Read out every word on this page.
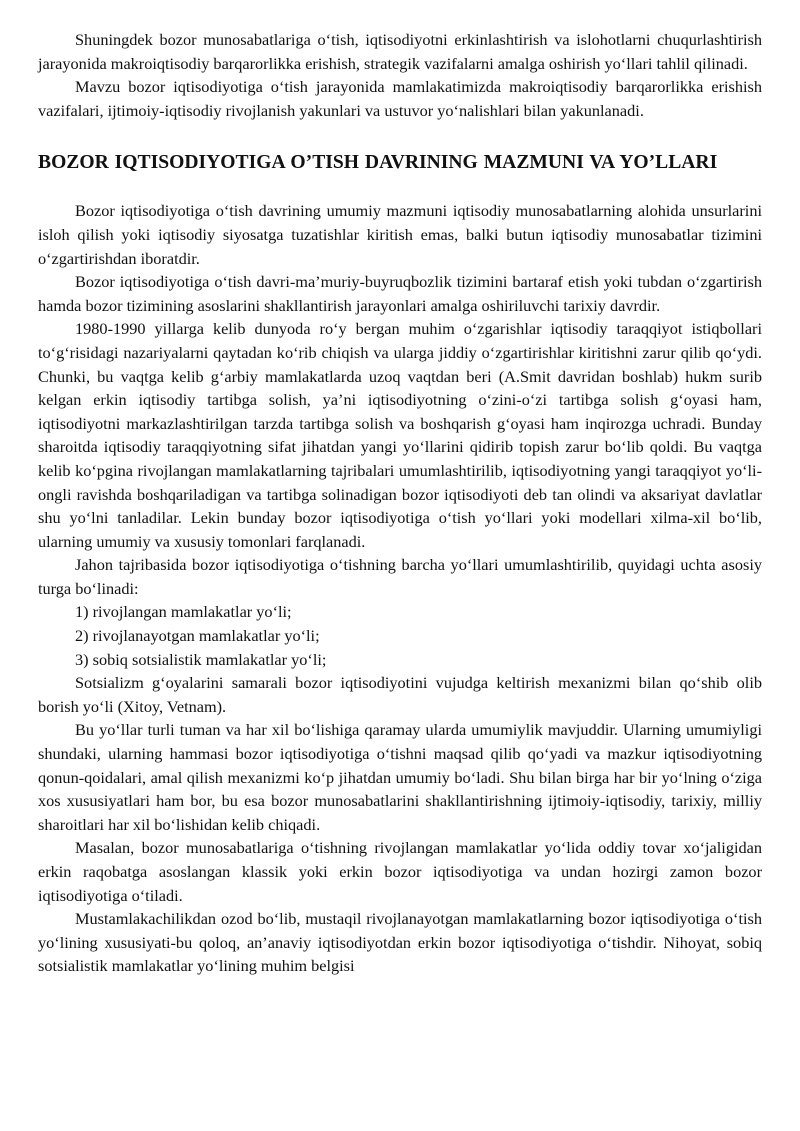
Shuningdek bozor munosabatlariga oʻtish, iqtisodiyotni erkinlashtirish va islohotlarni chuqurlashtirish jarayonida makroiqtisodiy barqarorlikka erishish, strategik vazifalarni amalga oshirish yoʻllari tahlil qilinadi.

Mavzu bozor iqtisodiyotiga oʻtish jarayonida mamlakatimizda makroiqtisodiy barqarorlikka erishish vazifalari, ijtimoiy-iqtisodiy rivojlanish yakunlari va ustuvor yoʻnalishlari bilan yakunlanadi.

BOZOR IQTISODIYOTIGA O’TISH DAVRINING MAZMUNI VA YO’LLARI

Bozor iqtisodiyotiga oʻtish davrining umumiy mazmuni iqtisodiy munosabatlarning alohida unsurlarini isloh qilish yoki iqtisodiy siyosatga tuzatishlar kiritish emas, balki butun iqtisodiy munosabatlar tizimini oʻzgartirishdan iboratdir.

Bozor iqtisodiyotiga oʻtish davri-maʼmuriy-buyruqbozlik tizimini bartaraf etish yoki tubdan oʻzgartirish hamda bozor tizimining asoslarini shakllantirish jarayonlari amalga oshiriluvchi tarixiy davrdir.

1980-1990 yillarga kelib dunyoda roʻy bergan muhim oʻzgarishlar iqtisodiy taraqqiyot istiqbollari toʻgʻrisidagi nazariyalarni qaytadan koʻrib chiqish va ularga jiddiy oʻzgartirishlar kiritishni zarur qilib qoʻydi. Chunki, bu vaqtga kelib gʻarbiy mamlakatlarda uzoq vaqtdan beri (A.Smit davridan boshlab) hukm surib kelgan erkin iqtisodiy tartibga solish, yaʼni iqtisodiyotning oʻzini-oʻzi tartibga solish gʻoyasi ham, iqtisodiyotni markazlashtirilgan tarzda tartibga solish va boshqarish gʻoyasi ham inqirozga uchradi. Bunday sharoitda iqtisodiy taraqqiyotning sifat jihatdan yangi yoʻllarini qidirib topish zarur boʻlib qoldi. Bu vaqtga kelib koʻpgina rivojlangan mamlakatlarning tajribalari umumlashtirilib, iqtisodiyotning yangi taraqqiyot yoʻli-ongli ravishda boshqariladigan va tartibga solinadigan bozor iqtisodiyoti deb tan olindi va aksariyat davlatlar shu yoʻlni tanladilar. Lekin bunday bozor iqtisodiyotiga oʻtish yoʻllari yoki modellari xilma-xil boʻlib, ularning umumiy va xususiy tomonlari farqlanadi.

Jahon tajribasida bozor iqtisodiyotiga oʻtishning barcha yoʻllari umumlashtirilib, quyidagi uchta asosiy turga boʻlinadi:

1) rivojlangan mamlakatlar yoʻli;

2) rivojlanayotgan mamlakatlar yoʻli;

3) sobiq sotsialistik mamlakatlar yoʻli;

Sotsializm gʻoyalarini samarali bozor iqtisodiyotini vujudga keltirish mexanizmi bilan qoʻshib olib borish yoʻli (Xitoy, Vetnam).

Bu yoʻllar turli tuman va har xil boʻlishiga qaramay ularda umumiylik mavjuddir. Ularning umumiyligi shundaki, ularning hammasi bozor iqtisodiyotiga oʻtishni maqsad qilib qoʻyadi va mazkur iqtisodiyotning qonun-qoidalari, amal qilish mexanizmi koʻp jihatdan umumiy boʻladi. Shu bilan birga har bir yoʻlning oʻziga xos xususiyatlari ham bor, bu esa bozor munosabatlarini shakllantirishning ijtimoiy-iqtisodiy, tarixiy, milliy sharoitlari har xil boʻlishidan kelib chiqadi.

Masalan, bozor munosabatlariga oʻtishning rivojlangan mamlakatlar yoʻlida oddiy tovar xoʻjaligidan erkin raqobatga asoslangan klassik yoki erkin bozor iqtisodiyotiga va undan hozirgi zamon bozor iqtisodiyotiga oʻtiladi.

Mustamlakachilikdan ozod boʻlib, mustaqil rivojlanayotgan mamlakatlarning bozor iqtisodiyotiga oʻtish yoʻlining xususiyati-bu qoloq, anʼanaviy iqtisodiyotdan erkin bozor iqtisodiyotiga oʻtishdir. Nihoyat, sobiq sotsialistik mamlakatlar yoʻlining muhim belgisi
